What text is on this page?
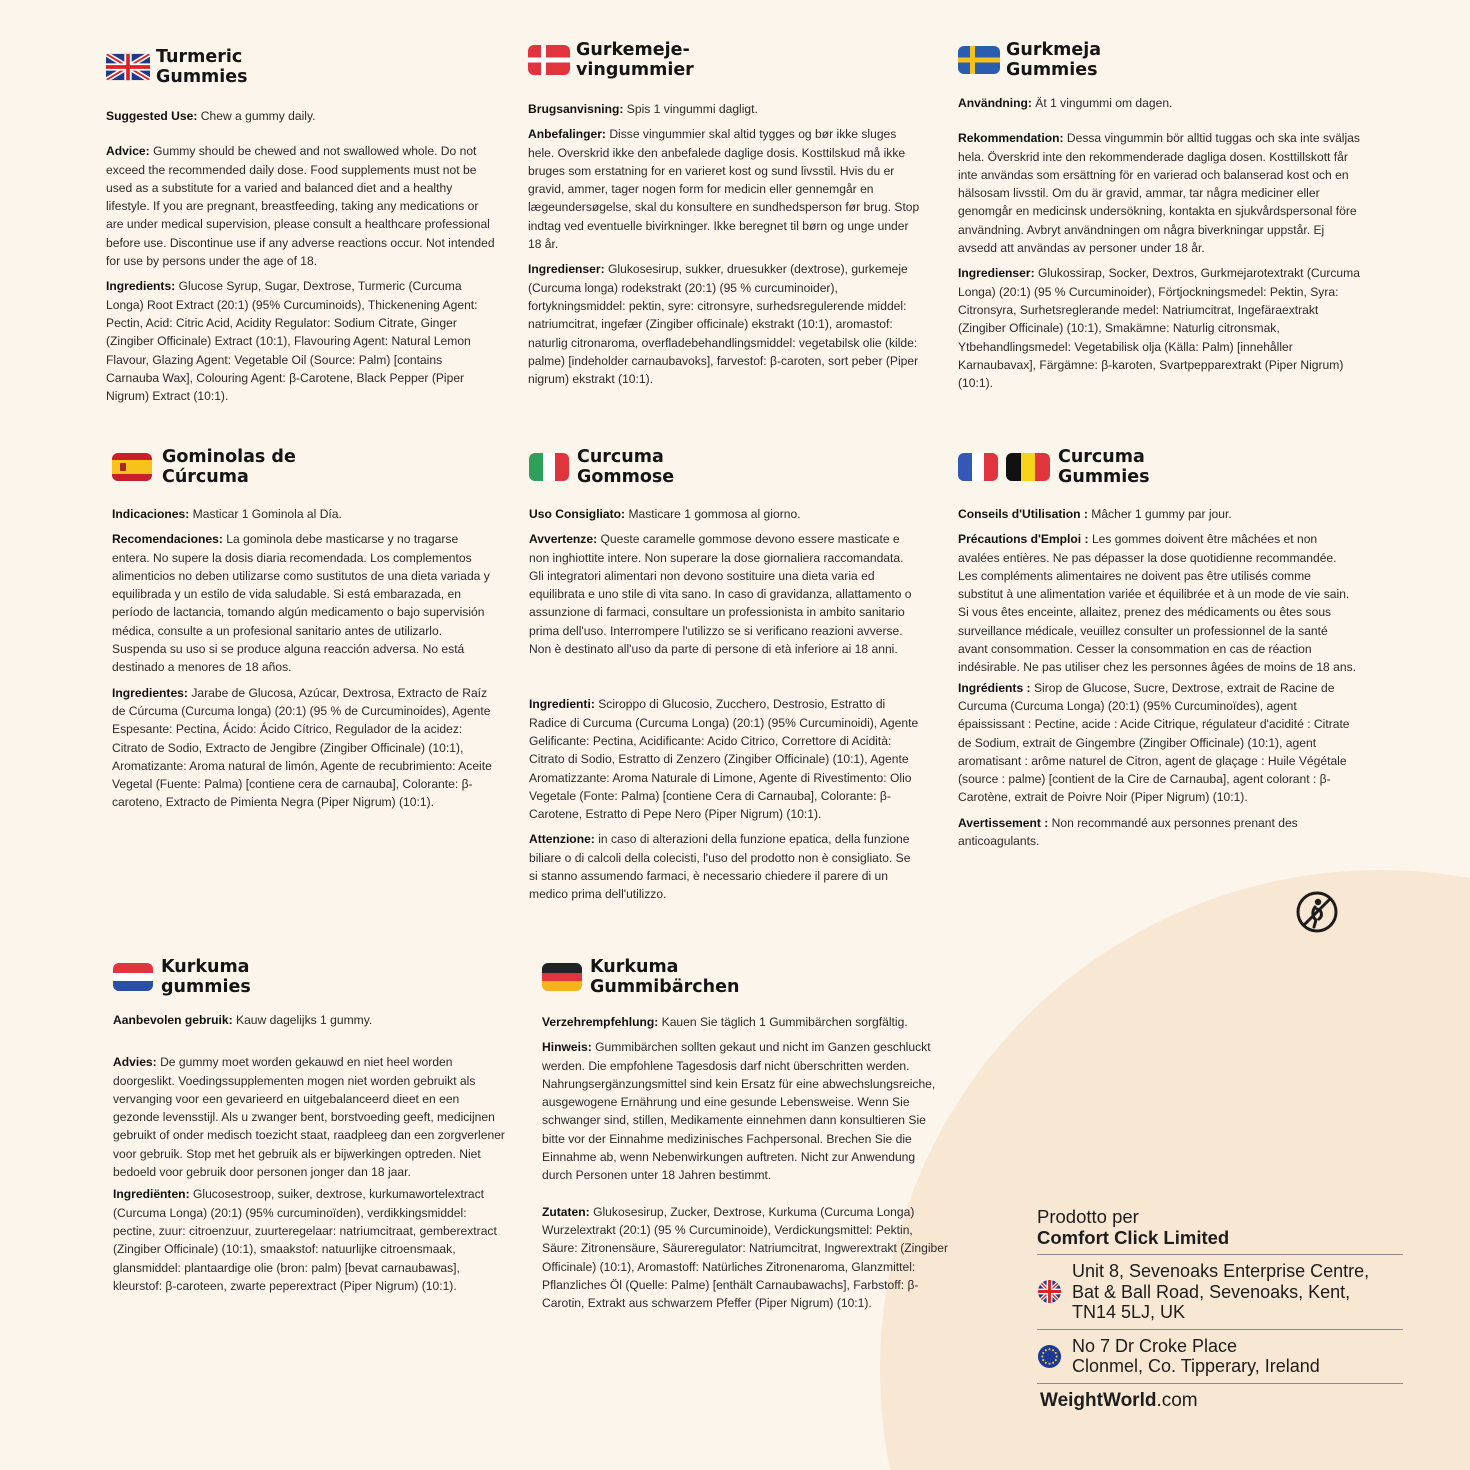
Turmeric
Gummies

Suggested Use: Chew a gummy daily.

Advice: Gummy should be chewed and not swallowed whole. Do not exceed the recommended daily dose. Food supplements must not be used as a substitute for a varied and balanced diet and a healthy lifestyle. If you are pregnant, breastfeeding, taking any medications or are under medical supervision, please consult a healthcare professional before use. Discontinue use if any adverse reactions occur. Not intended for use by persons under the age of 18.

Ingredients: Glucose Syrup, Sugar, Dextrose, Turmeric (Curcuma Longa) Root Extract (20:1) (95% Curcuminoids), Thickenening Agent: Pectin, Acid: Citric Acid, Acidity Regulator: Sodium Citrate, Ginger (Zingiber Officinale) Extract (10:1), Flavouring Agent: Natural Lemon Flavour, Glazing Agent: Vegetable Oil (Source: Palm) [contains Carnauba Wax], Colouring Agent: β-Carotene, Black Pepper (Piper Nigrum) Extract (10:1).

Gurkemeje-
vingummier

Brugsanvisning: Spis 1 vingummi dagligt.

Anbefalinger: Disse vingummier skal altid tygges og bør ikke sluges hele. Overskrid ikke den anbefalede daglige dosis. Kosttilskud må ikke bruges som erstatning for en varieret kost og sund livsstil. Hvis du er gravid, ammer, tager nogen form for medicin eller gennemgår en lægeundersøgelse, skal du konsultere en sundhedsperson før brug. Stop indtag ved eventuelle bivirkninger. Ikke beregnet til børn og unge under 18 år.

Ingredienser: Glukosesirup, sukker, druesukker (dextrose), gurkemeje (Curcuma longa) rodekstrakt (20:1) (95 % curcuminoider), fortykningsmiddel: pektin, syre: citronsyre, surhedsregulerende middel: natriumcitrat, ingefær (Zingiber officinale) ekstrakt (10:1), aromastof: naturlig citronaroma, overfladebehandlingsmiddel: vegetabilsk olie (kilde: palme) [indeholder carnaubavoks], farvestof: β-caroten, sort peber (Piper nigrum) ekstrakt (10:1).

Gurkmeja
Gummies

Användning: Ät 1 vingummi om dagen.

Rekommendation: Dessa vingummin bör alltid tuggas och ska inte sväljas hela. Överskrid inte den rekommenderade dagliga dosen. Kosttillskott får inte användas som ersättning för en varierad och balanserad kost och en hälsosam livsstil. Om du är gravid, ammar, tar några mediciner eller genomgår en medicinsk undersökning, kontakta en sjukvårdspersonal före användning. Avbryt användningen om några biverkningar uppstår. Ej avsedd att användas av personer under 18 år.

Ingredienser: Glukossirap, Socker, Dextros, Gurkmejarotextrakt (Curcuma Longa) (20:1) (95 % Curcuminoider), Förtjockningsmedel: Pektin, Syra: Citronsyra, Surhetsreglerande medel: Natriumcitrat, Ingefäraextrakt (Zingiber Officinale) (10:1), Smakämne: Naturlig citronsmak, Ytbehandlingsmedel: Vegetabilisk olja (Källa: Palm) [innehåller Karnaubavax], Färgämne: β-karoten, Svartpepparextrakt (Piper Nigrum) (10:1).

Gominolas de
Cúrcuma

Indicaciones: Masticar 1 Gominola al Día.

Recomendaciones: La gominola debe masticarse y no tragarse entera. No supere la dosis diaria recomendada. Los complementos alimenticios no deben utilizarse como sustitutos de una dieta variada y equilibrada y un estilo de vida saludable. Si está embarazada, en período de lactancia, tomando algún medicamento o bajo supervisión médica, consulte a un profesional sanitario antes de utilizarlo. Suspenda su uso si se produce alguna reacción adversa. No está destinado a menores de 18 años.

Ingredientes: Jarabe de Glucosa, Azúcar, Dextrosa, Extracto de Raíz de Cúrcuma (Curcuma longa) (20:1) (95 % de Curcuminoides), Agente Espesante: Pectina, Ácido: Ácido Cítrico, Regulador de la acidez: Citrato de Sodio, Extracto de Jengibre (Zingiber Officinale) (10:1), Aromatizante: Aroma natural de limón, Agente de recubrimiento: Aceite Vegetal (Fuente: Palma) [contiene cera de carnauba], Colorante: β-caroteno, Extracto de Pimienta Negra (Piper Nigrum) (10:1).

Curcuma
Gommose

Uso Consigliato: Masticare 1 gommosa al giorno.

Avvertenze: Queste caramelle gommose devono essere masticate e non inghiottite intere. Non superare la dose giornaliera raccomandata. Gli integratori alimentari non devono sostituire una dieta varia ed equilibrata e uno stile di vita sano. In caso di gravidanza, allattamento o assunzione di farmaci, consultare un professionista in ambito sanitario prima dell'uso. Interrompere l'utilizzo se si verificano reazioni avverse. Non è destinato all'uso da parte di persone di età inferiore ai 18 anni.

Ingredienti: Sciroppo di Glucosio, Zucchero, Destrosio, Estratto di Radice di Curcuma (Curcuma Longa) (20:1) (95% Curcuminoidi), Agente Gelificante: Pectina, Acidificante: Acido Citrico, Correttore di Acidità: Citrato di Sodio, Estratto di Zenzero (Zingiber Officinale) (10:1), Agente Aromatizzante: Aroma Naturale di Limone, Agente di Rivestimento: Olio Vegetale (Fonte: Palma) [contiene Cera di Carnauba], Colorante: β-Carotene, Estratto di Pepe Nero (Piper Nigrum) (10:1).

Attenzione: in caso di alterazioni della funzione epatica, della funzione biliare o di calcoli della colecisti, l'uso del prodotto non è consigliato. Se si stanno assumendo farmaci, è necessario chiedere il parere di un medico prima dell'utilizzo.

Curcuma
Gummies

Conseils d'Utilisation : Mâcher 1 gummy par jour.

Précautions d'Emploi : Les gommes doivent être mâchées et non avalées entières. Ne pas dépasser la dose quotidienne recommandée. Les compléments alimentaires ne doivent pas être utilisés comme substitut à une alimentation variée et équilibrée et à un mode de vie sain. Si vous êtes enceinte, allaitez, prenez des médicaments ou êtes sous surveillance médicale, veuillez consulter un professionnel de la santé avant consommation. Cesser la consommation en cas de réaction indésirable. Ne pas utiliser chez les personnes âgées de moins de 18 ans.

Ingrédients : Sirop de Glucose, Sucre, Dextrose, extrait de Racine de Curcuma (Curcuma Longa) (20:1) (95% Curcuminoïdes), agent épaississant : Pectine, acide : Acide Citrique, régulateur d'acidité : Citrate de Sodium, extrait de Gingembre (Zingiber Officinale) (10:1), agent aromatisant : arôme naturel de Citron, agent de glaçage : Huile Végétale (source : palme) [contient de la Cire de Carnauba], agent colorant : β-Carotène, extrait de Poivre Noir (Piper Nigrum) (10:1).

Avertissement : Non recommandé aux personnes prenant des anticoagulants.

Kurkuma
gummies

Aanbevolen gebruik: Kauw dagelijks 1 gummy.

Advies: De gummy moet worden gekauwd en niet heel worden doorgeslikt. Voedingssupplementen mogen niet worden gebruikt als vervanging voor een gevarieerd en uitgebalanceerd dieet en een gezonde levensstijl. Als u zwanger bent, borstvoeding geeft, medicijnen gebruikt of onder medisch toezicht staat, raadpleeg dan een zorgverlener voor gebruik. Stop met het gebruik als er bijwerkingen optreden. Niet bedoeld voor gebruik door personen jonger dan 18 jaar.

Ingrediënten: Glucosestroop, suiker, dextrose, kurkumawortelextract (Curcuma Longa) (20:1) (95% curcuminoïden), verdikkingsmiddel: pectine, zuur: citroenzuur, zuurteregelaar: natriumcitraat, gemberextract (Zingiber Officinale) (10:1), smaakstof: natuurlijke citroensmaak, glansmiddel: plantaardige olie (bron: palm) [bevat carnaubawas], kleurstof: β-caroteen, zwarte peperextract (Piper Nigrum) (10:1).

Kurkuma
Gummibärchen

Verzehrempfehlung: Kauen Sie täglich 1 Gummibärchen sorgfältig.

Hinweis: Gummibärchen sollten gekaut und nicht im Ganzen geschluckt werden. Die empfohlene Tagesdosis darf nicht überschritten werden. Nahrungsergänzungsmittel sind kein Ersatz für eine abwechslungsreiche, ausgewogene Ernährung und eine gesunde Lebensweise. Wenn Sie schwanger sind, stillen, Medikamente einnehmen dann konsultieren Sie bitte vor der Einnahme medizinisches Fachpersonal. Brechen Sie die Einnahme ab, wenn Nebenwirkungen auftreten. Nicht zur Anwendung durch Personen unter 18 Jahren bestimmt.

Zutaten: Glukosesirup, Zucker, Dextrose, Kurkuma (Curcuma Longa) Wurzelextrakt (20:1) (95 % Curcuminoide), Verdickungsmittel: Pektin, Säure: Zitronensäure, Säureregulator: Natriumcitrat, Ingwerextrakt (Zingiber Officinale) (10:1), Aromastoff: Natürliches Zitronenaroma, Glanzmittel: Pflanzliches Öl (Quelle: Palme) [enthält Carnaubawachs], Farbstoff: β-Carotin, Extrakt aus schwarzem Pfeffer (Piper Nigrum) (10:1).

Prodotto per
Comfort Click Limited
Unit 8, Sevenoaks Enterprise Centre,
Bat & Ball Road, Sevenoaks, Kent,
TN14 5LJ, UK
No 7 Dr Croke Place
Clonmel, Co. Tipperary, Ireland
WeightWorld.com
